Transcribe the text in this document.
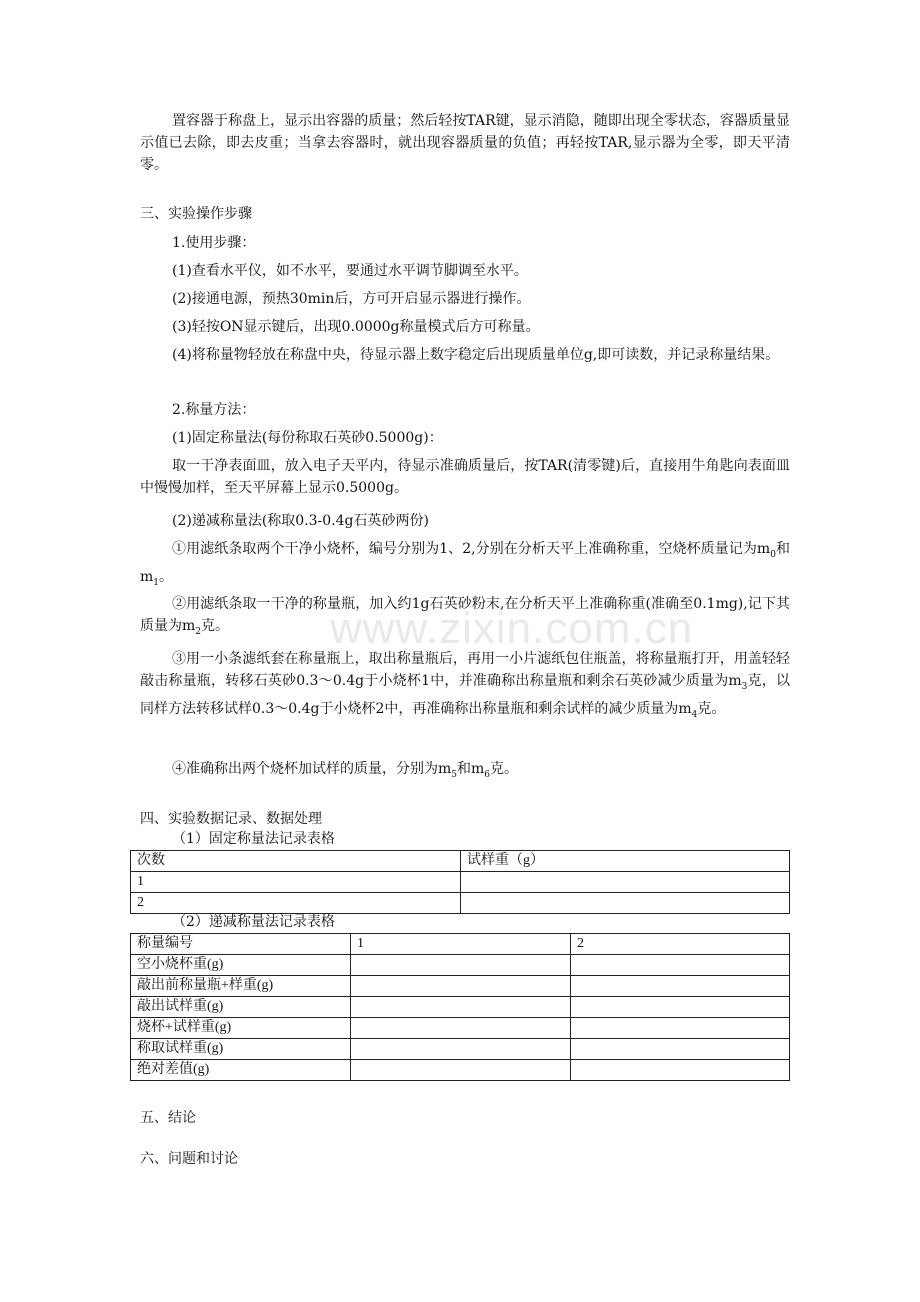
置容器于称盘上，显示出容器的质量；然后轻按TAR键，显示消隐，随即出现全零状态，容器质量显示值已去除，即去皮重；当拿去容器时，就出现容器质量的负值；再轻按TAR,显示器为全零，即天平清零。

三、实验操作步骤

1.使用步骤：

(1)查看水平仪，如不水平，要通过水平调节脚调至水平。

(2)接通电源，预热30min后，方可开启显示器进行操作。

(3)轻按ON显示键后，出现0.0000g称量模式后方可称量。

(4)将称量物轻放在称盘中央，待显示器上数字稳定后出现质量单位g,即可读数，并记录称量结果。

2.称量方法：

(1)固定称量法(每份称取石英砂0.5000g)：

取一干净表面皿，放入电子天平内，待显示准确质量后，按TAR(清零键)后，直接用牛角匙向表面皿中慢慢加样，至天平屏幕上显示0.5000g。

(2)递减称量法(称取0.3-0.4g石英砂两份)

①用滤纸条取两个干净小烧杯，编号分别为1、2,分别在分析天平上准确称重，空烧杯质量记为$m_0$和$m_1$。

②用滤纸条取一干净的称量瓶，加入约1g石英砂粉末,在分析天平上准确称重(准确至0.1mg),记下其质量为$m_2$克。

③用一小条滤纸套在称量瓶上，取出称量瓶后，再用一小片滤纸包住瓶盖，将称量瓶打开，用盖轻轻敲击称量瓶，转移石英砂0.3～0.4g于小烧杯1中，并准确称出称量瓶和剩余石英砂减少质量为$m_3$克，以同样方法转移试样0.3～0.4g于小烧杯2中，再准确称出称量瓶和剩余试样的减少质量为$m_4$克。

④准确称出两个烧杯加试样的质量，分别为$m_5$和$m_6$克。

www.zixin.com.cn

四、实验数据记录、数据处理

（1）固定称量法记录表格

次数	试样重（g）
1	
2	

（2）递减称量法记录表格

称量编号	1	2
空小烧杯重(g)		
敲出前称量瓶+样重(g)		
敲出试样重(g)		
烧杯+试样重(g)		
称取试样重(g)		
绝对差值(g)		

五、结论

六、问题和讨论
